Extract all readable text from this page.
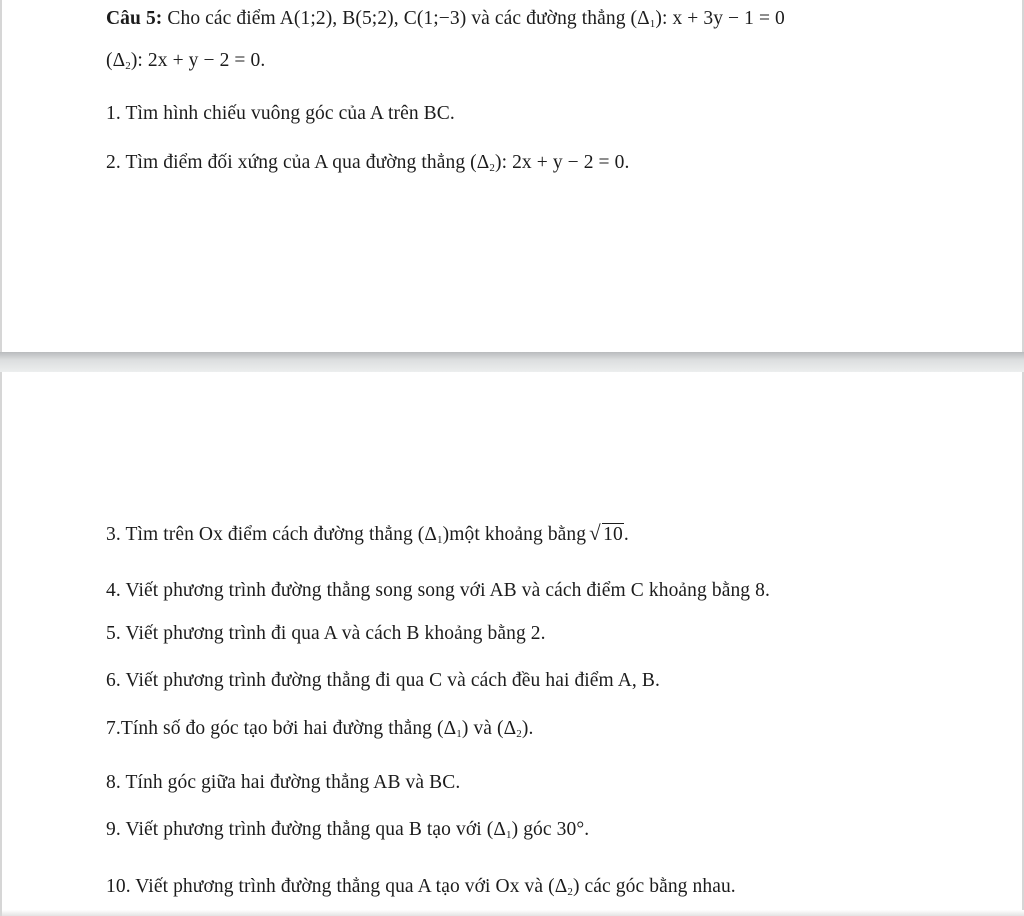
Câu 5: Cho các điểm A(1;2), B(5;2), C(1;−3) và các đường thẳng $(\Delta_1)$: x + 3y − 1 = 0
$(\Delta_2)$: 2x + y − 2 = 0.
1. Tìm hình chiếu vuông góc của A trên BC.
2. Tìm điểm đối xứng của A qua đường thẳng $(\Delta_2)$: 2x + y − 2 = 0.
3. Tìm trên Ox điểm cách đường thẳng $(\Delta_1)một$ khoảng bằng √ 10.
4. Viết phương trình đường thẳng song song với AB và cách điểm C khoảng bằng 8.
5. Viết phương trình đi qua A và cách B khoảng bằng 2.
6. Viết phương trình đường thẳng đi qua C và cách đều hai điểm A, B.
7.Tính số đo góc tạo bởi hai đường thẳng $(\Delta_1)$ và $(\Delta_2)$.
8. Tính góc giữa hai đường thẳng AB và BC.
9. Viết phương trình đường thẳng qua B tạo với $(\Delta_1)$ góc 30°.
10. Viết phương trình đường thẳng qua A tạo với Ox và $(\Delta_2)$ các góc bằng nhau.
